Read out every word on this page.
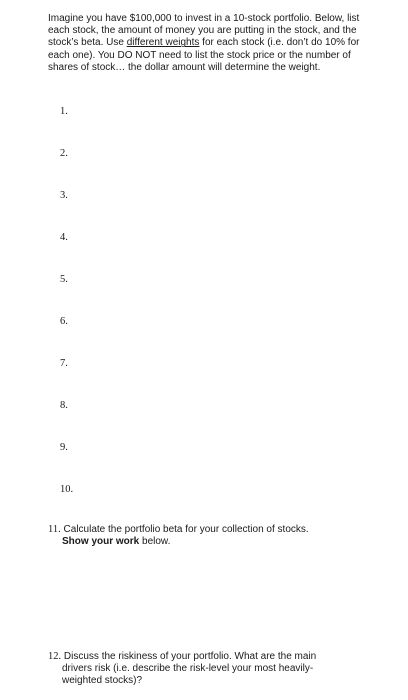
Imagine you have $100,000 to invest in a 10-stock portfolio. Below, list each stock, the amount of money you are putting in the stock, and the stock’s beta. Use different weights for each stock (i.e. don’t do 10% for each one). You DO NOT need to list the stock price or the number of shares of stock… the dollar amount will determine the weight.

1.
2.
3.
4.
5.
6.
7.
8.
9.
10.
11. Calculate the portfolio beta for your collection of stocks.
Show your work below.
12. Discuss the riskiness of your portfolio. What are the main
drivers risk (i.e. describe the risk-level your most heavily-
weighted stocks)?
